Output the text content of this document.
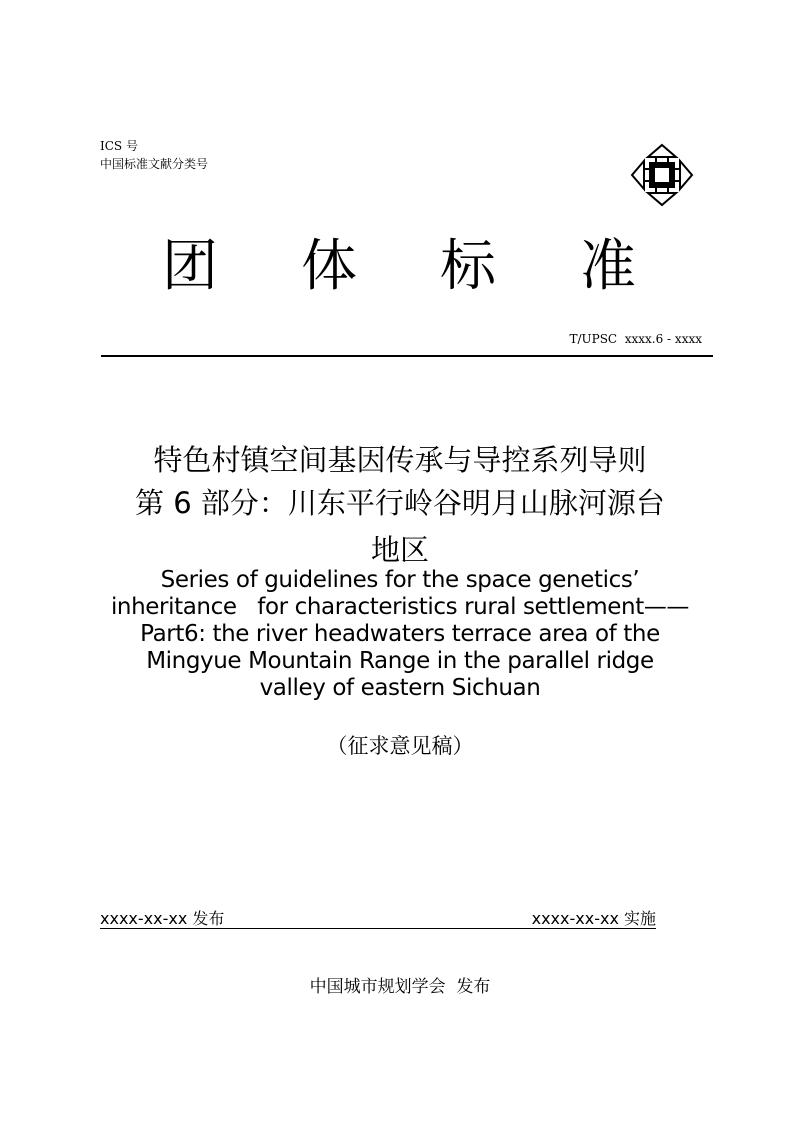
ICS 号
中国标准文献分类号
团 体 标 准
T/UPSC  xxxx.6 - xxxx
特色村镇空间基因传承与导控系列导则
第 6 部分：川东平行岭谷明月山脉河源台
地区
Series of guidelines for the space genetics’
inheritance   for characteristics rural settlement——
Part6: the river headwaters terrace area of the
Mingyue Mountain Range in the parallel ridge
valley of eastern Sichuan
（征求意见稿）
xxxx-xx-xx 发布	xxxx-xx-xx 实施
中国城市规划学会  发布
